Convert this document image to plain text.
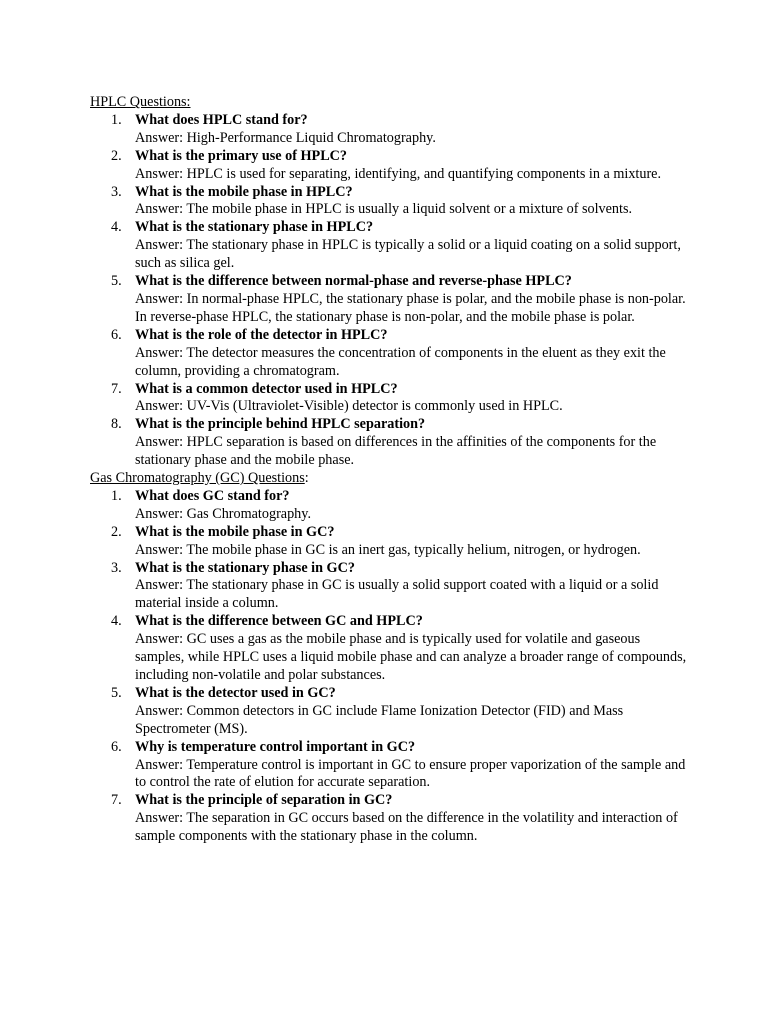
HPLC Questions:
1. What does HPLC stand for?
Answer: High-Performance Liquid Chromatography.
2. What is the primary use of HPLC?
Answer: HPLC is used for separating, identifying, and quantifying components in a mixture.
3. What is the mobile phase in HPLC?
Answer: The mobile phase in HPLC is usually a liquid solvent or a mixture of solvents.
4. What is the stationary phase in HPLC?
Answer: The stationary phase in HPLC is typically a solid or a liquid coating on a solid support, such as silica gel.
5. What is the difference between normal-phase and reverse-phase HPLC?
Answer: In normal-phase HPLC, the stationary phase is polar, and the mobile phase is non-polar. In reverse-phase HPLC, the stationary phase is non-polar, and the mobile phase is polar.
6. What is the role of the detector in HPLC?
Answer: The detector measures the concentration of components in the eluent as they exit the column, providing a chromatogram.
7. What is a common detector used in HPLC?
Answer: UV-Vis (Ultraviolet-Visible) detector is commonly used in HPLC.
8. What is the principle behind HPLC separation?
Answer: HPLC separation is based on differences in the affinities of the components for the stationary phase and the mobile phase.
Gas Chromatography (GC) Questions:
1. What does GC stand for?
Answer: Gas Chromatography.
2. What is the mobile phase in GC?
Answer: The mobile phase in GC is an inert gas, typically helium, nitrogen, or hydrogen.
3. What is the stationary phase in GC?
Answer: The stationary phase in GC is usually a solid support coated with a liquid or a solid material inside a column.
4. What is the difference between GC and HPLC?
Answer: GC uses a gas as the mobile phase and is typically used for volatile and gaseous samples, while HPLC uses a liquid mobile phase and can analyze a broader range of compounds, including non-volatile and polar substances.
5. What is the detector used in GC?
Answer: Common detectors in GC include Flame Ionization Detector (FID) and Mass Spectrometer (MS).
6. Why is temperature control important in GC?
Answer: Temperature control is important in GC to ensure proper vaporization of the sample and to control the rate of elution for accurate separation.
7. What is the principle of separation in GC?
Answer: The separation in GC occurs based on the difference in the volatility and interaction of sample components with the stationary phase in the column.
